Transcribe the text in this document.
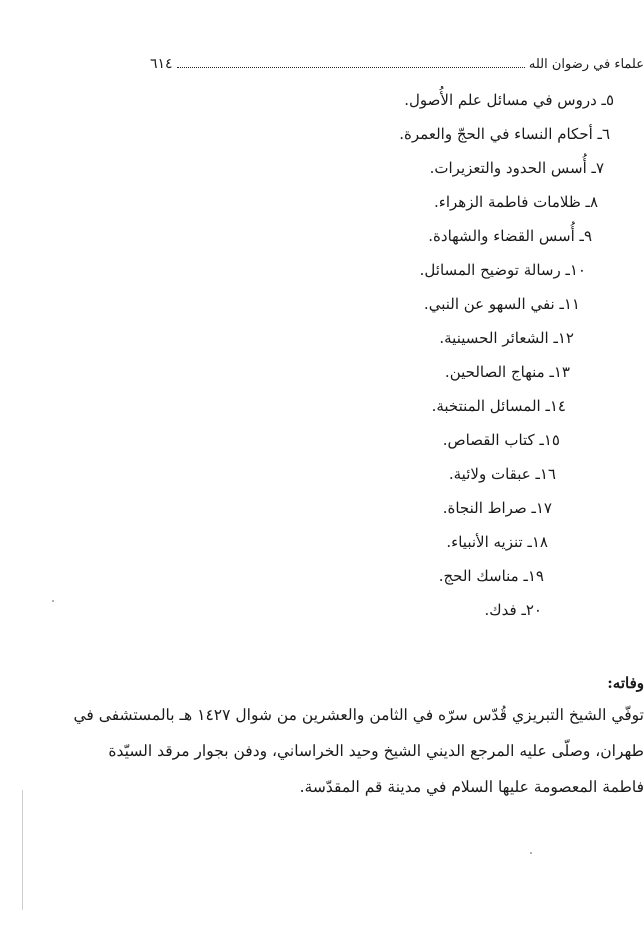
علماء في رضوان الله
٦١٤
٥ـ دروس في مسائل علم الأُصول.
٦ـ أحكام النساء في الحجّ والعمرة.
٧ـ أُسس الحدود والتعزيرات.
٨ـ ظلامات فاطمة الزهراء.
٩ـ أُسس القضاء والشهادة.
١٠ـ رسالة توضيح المسائل.
١١ـ نفي السهو عن النبي.
١٢ـ الشعائر الحسينية.
١٣ـ منهاج الصالحين.
١٤ـ المسائل المنتخبة.
١٥ـ كتاب القصاص.
١٦ـ عبقات ولائية.
١٧ـ صراط النجاة.
١٨ـ تنزيه الأنبياء.
١٩ـ مناسك الحج.
٢٠ـ فدك.
وفاته:
توفّي الشيخ التبريزي قُدّس سرّه في الثامن والعشرين من شوال ١٤٢٧ هـ بالمستشفى في
طهران، وصلّى عليه المرجع الديني الشيخ وحيد الخراساني، ودفن بجوار مرقد السيّدة
فاطمة المعصومة عليها السلام في مدينة قم المقدّسة.
